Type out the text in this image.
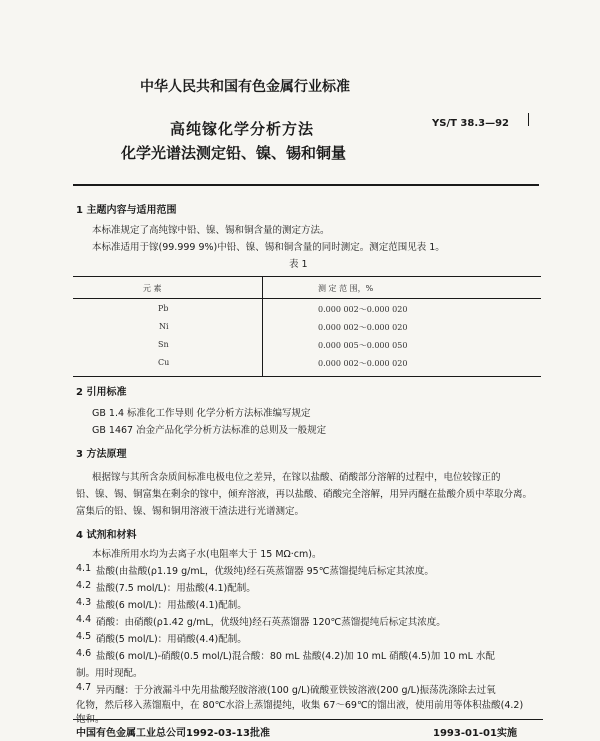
中华人民共和国有色金属行业标准
YS/T 38.3—92
高纯镓化学分析方法
化学光谱法测定铅、镍、锡和铜量
1 主题内容与适用范围
本标准规定了高纯镓中铅、镍、锡和铜含量的测定方法。
本标准适用于镓(99.999 9%)中铅、镍、锡和铜含量的同时测定。测定范围见表 1。
表 1
元 素	测 定 范 围，%
Pb	0.000 002～0.000 020
Ni	0.000 002～0.000 020
Sn	0.000 005～0.000 050
Cu	0.000 002～0.000 020
2 引用标准
GB 1.4 标准化工作导则 化学分析方法标准编写规定
GB 1467 冶金产品化学分析方法标准的总则及一般规定
3 方法原理
根据镓与其所含杂质间标准电极电位之差异，在镓以盐酸、硝酸部分溶解的过程中，电位较镓正的
铅、镍、锡、铜富集在剩余的镓中，倾弃溶液，再以盐酸、硝酸完全溶解，用异丙醚在盐酸介质中萃取分离。
富集后的铅、镍、锡和铜用溶液干渣法进行光谱测定。
4 试剂和材料
本标准所用水均为去离子水(电阻率大于 15 MΩ·cm)。
4.1 盐酸(由盐酸(ρ1.19 g/mL，优级纯)经石英蒸馏器 95℃蒸馏提纯后标定其浓度。
4.2 盐酸(7.5 mol/L)：用盐酸(4.1)配制。
4.3 盐酸(6 mol/L)：用盐酸(4.1)配制。
4.4 硝酸：由硝酸(ρ1.42 g/mL，优级纯)经石英蒸馏器 120℃蒸馏提纯后标定其浓度。
4.5 硝酸(5 mol/L)：用硝酸(4.4)配制。
4.6 盐酸(6 mol/L)-硝酸(0.5 mol/L)混合酸：80 mL 盐酸(4.2)加 10 mL 硝酸(4.5)加 10 mL 水配
制。用时现配。
4.7 异丙醚：于分液漏斗中先用盐酸羟胺溶液(100 g/L)硫酸亚铁铵溶液(200 g/L)振荡洗涤除去过氧
化物，然后移入蒸馏瓶中，在 80℃水浴上蒸馏提纯，收集 67～69℃的馏出液，使用前用等体积盐酸(4.2)
中国有色金属工业总公司1992-03-13批准	1993-01-01实施
